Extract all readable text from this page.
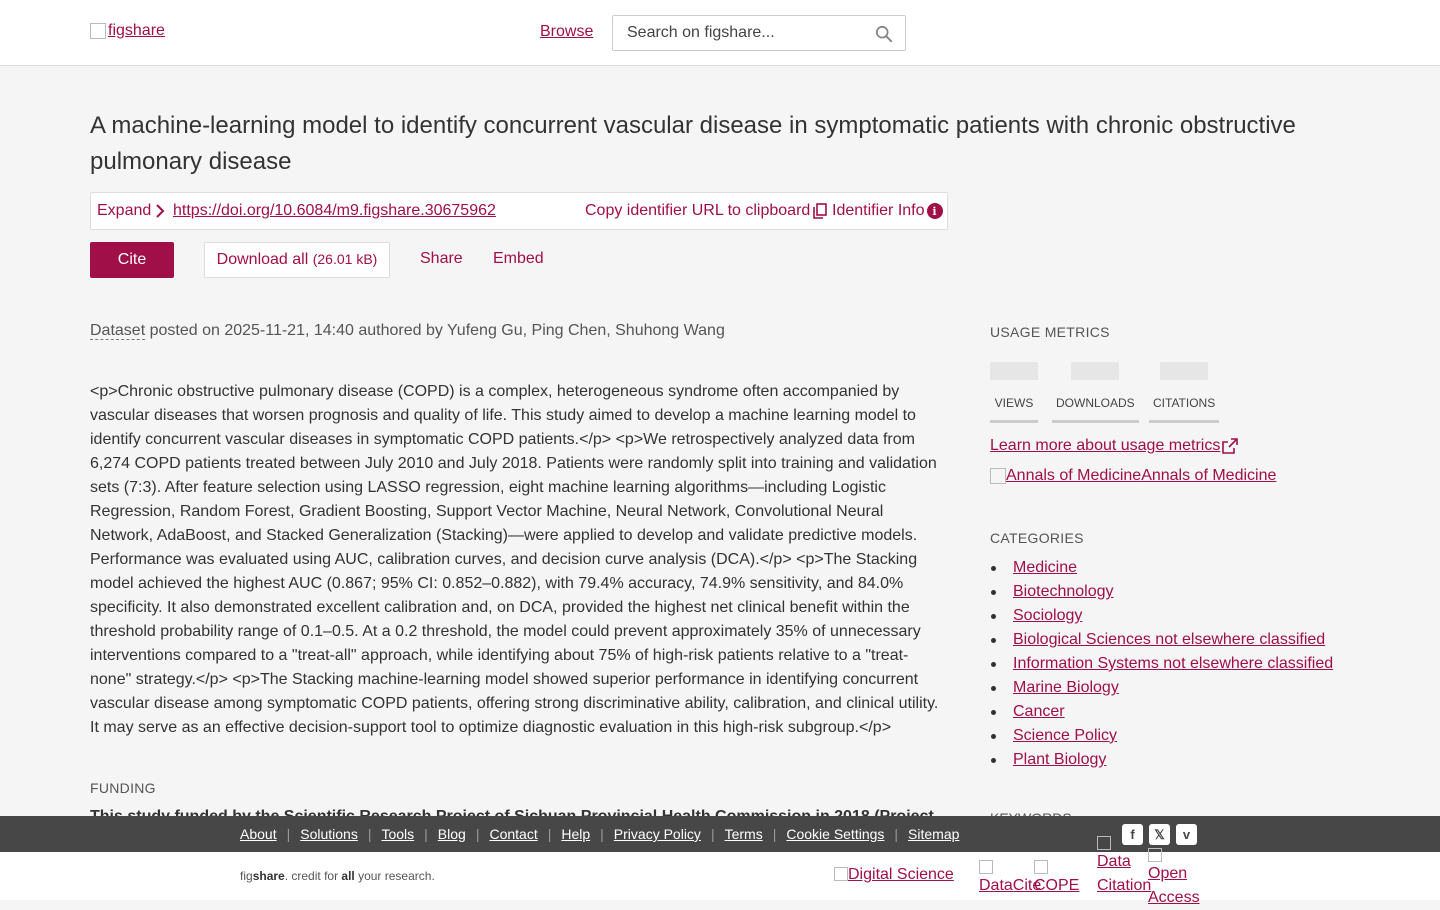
figshare	Browse
Search on figshare...
A machine-learning model to identify concurrent vascular disease in symptomatic patients with chronic obstructive pulmonary disease
Expand https://doi.org/10.6084/m9.figshare.30675962	Copy identifier URL to clipboard Identifier Info i
Cite	Download all (26.01 kB)	Share Embed
Dataset posted on 2025-11-21, 14:40 authored by Yufeng Gu, Ping Chen, Shuhong Wang
<p>Chronic obstructive pulmonary disease (COPD) is a complex, heterogeneous syndrome often accompanied by vascular diseases that worsen prognosis and quality of life. This study aimed to develop a machine learning model to identify concurrent vascular diseases in symptomatic COPD patients.</p> <p>We retrospectively analyzed data from 6,274 COPD patients treated between July 2010 and July 2018. Patients were randomly split into training and validation sets (7:3). After feature selection using LASSO regression, eight machine learning algorithms—including Logistic Regression, Random Forest, Gradient Boosting, Support Vector Machine, Neural Network, Convolutional Neural Network, AdaBoost, and Stacked Generalization (Stacking)—were applied to develop and validate predictive models. Performance was evaluated using AUC, calibration curves, and decision curve analysis (DCA).</p> <p>The Stacking model achieved the highest AUC (0.867; 95% CI: 0.852–0.882), with 79.4% accuracy, 74.9% sensitivity, and 84.0% specificity. It also demonstrated excellent calibration and, on DCA, provided the highest net clinical benefit within the threshold probability range of 0.1–0.5. At a 0.2 threshold, the model could prevent approximately 35% of unnecessary interventions compared to a "treat-all" approach, while identifying about 75% of high-risk patients relative to a "treat-none" strategy.</p> <p>The Stacking machine-learning model showed superior performance in identifying concurrent vascular disease among symptomatic COPD patients, offering strong discriminative ability, calibration, and clinical utility. It may serve as an effective decision-support tool to optimize diagnostic evaluation in this high-risk subgroup.</p>
FUNDING
USAGE METRICS
VIEWS	DOWNLOADS	CITATIONS
Learn more about usage metrics
Annals of Medicine Annals of Medicine
CATEGORIES
Medicine
Biotechnology
Sociology
Biological Sciences not elsewhere classified
Information Systems not elsewhere classified
Marine Biology
Cancer
Science Policy
Plant Biology
About | Solutions | Tools | Blog | Contact | Help | Privacy Policy | Terms | Cookie Settings | Sitemap	f	𝕏	v
figshare. credit for all your research.	Digital Science
DataCite
COPE
Data Citation
Open Access
